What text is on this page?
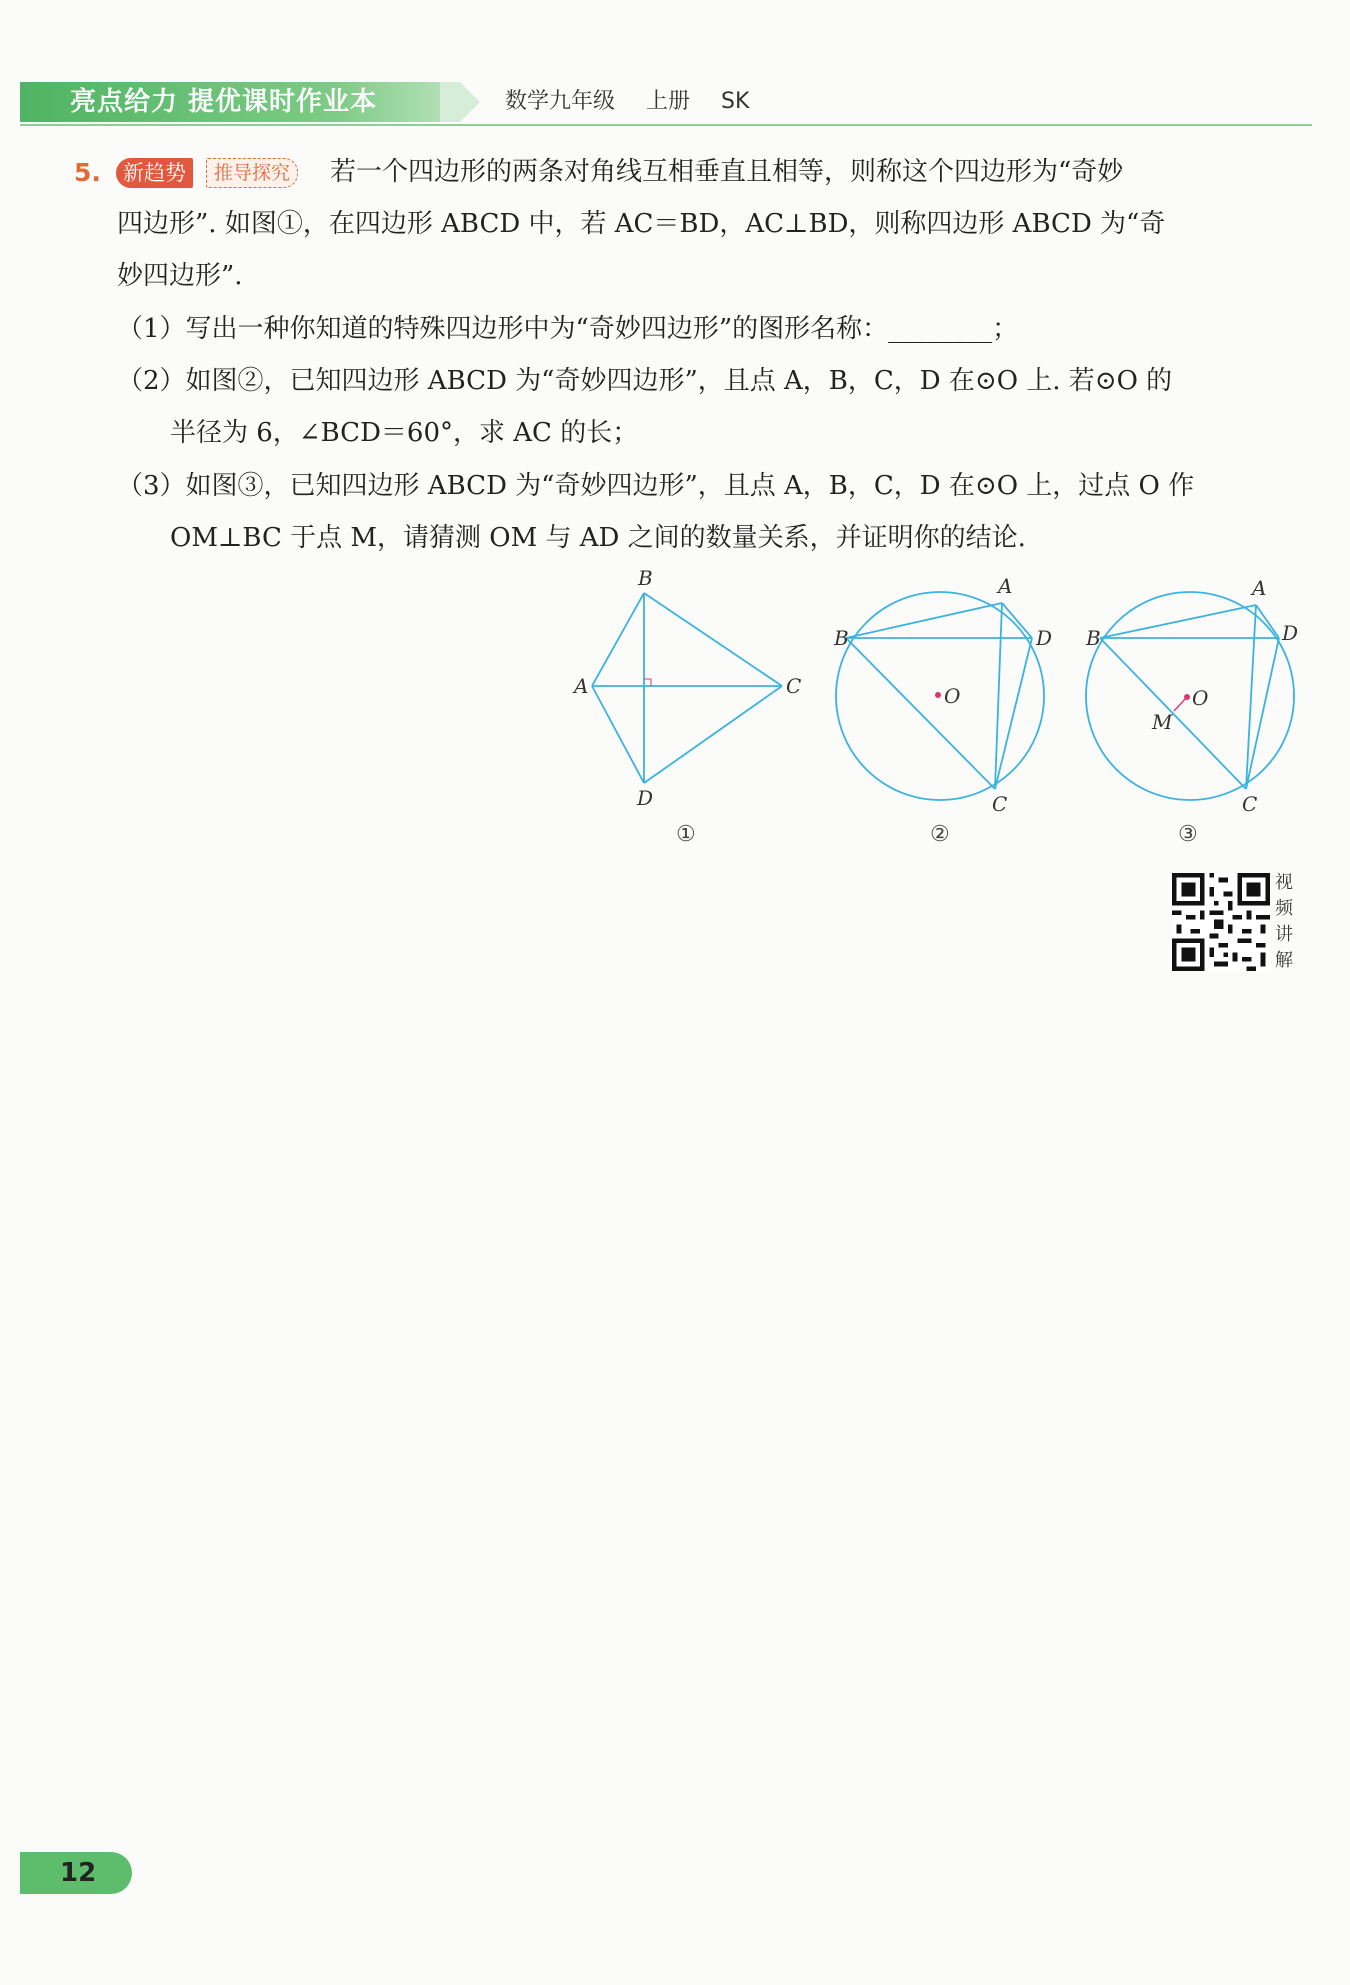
亮点给力 提优课时作业本	数学九年级 上册 SK
5.	新趋势	推导探究	若一个四边形的两条对角线互相垂直且相等，则称这个四边形为“奇妙
四边形”. 如图①，在四边形 ABCD 中，若 AC＝BD，AC⊥BD，则称四边形 ABCD 为“奇
妙四边形”.
（1）写出一种你知道的特殊四边形中为“奇妙四边形”的图形名称：________；
（2）如图②，已知四边形 ABCD 为“奇妙四边形”，且点 A，B，C，D 在⊙O 上. 若⊙O 的
半径为 6，∠BCD＝60°，求 AC 的长；
（3）如图③，已知四边形 ABCD 为“奇妙四边形”，且点 A，B，C，D 在⊙O 上，过点 O 作
OM⊥BC 于点 M，请猜测 OM 与 AD 之间的数量关系，并证明你的结论.
B
A	C
D
①
A
B	D
C
O
②
A
B	D
C
O
M
③
视频讲解
12
